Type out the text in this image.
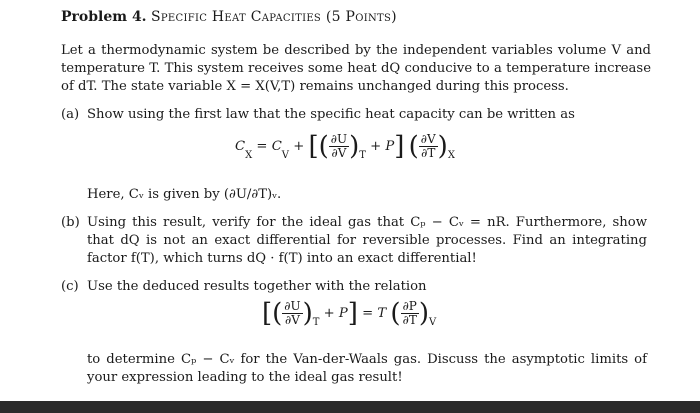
Problem 4. Specific Heat Capacities (5 Points)
Let a thermodynamic system be described by the independent variables volume V and temperature T. This system receives some heat dQ conducive to a temperature increase of dT. The state variable X = X(V,T) remains unchanged during this process.
(a) Show using the first law that the specific heat capacity can be written as
$C_X = C_V$ + [( $\frac{\partial U}{\partial V} )_T + P$] ( $\frac{\partial V}{\partial T} )_X$
Here, Cᵥ is given by (∂U/∂T)ᵥ.
(b) Using this result, verify for the ideal gas that Cₚ − Cᵥ = nR. Furthermore, show that dQ is not an exact differential for reversible processes. Find an integrating factor f(T), which turns dQ · f(T) into an exact differential!
(c) Use the deduced results together with the relation
[( $\frac{\partial U}{\partial V} )_T + P] = T$ ( $\frac{\partial P}{\partial T} )_V$
to determine Cₚ − Cᵥ for the Van-der-Waals gas. Discuss the asymptotic limits of your expression leading to the ideal gas result!
